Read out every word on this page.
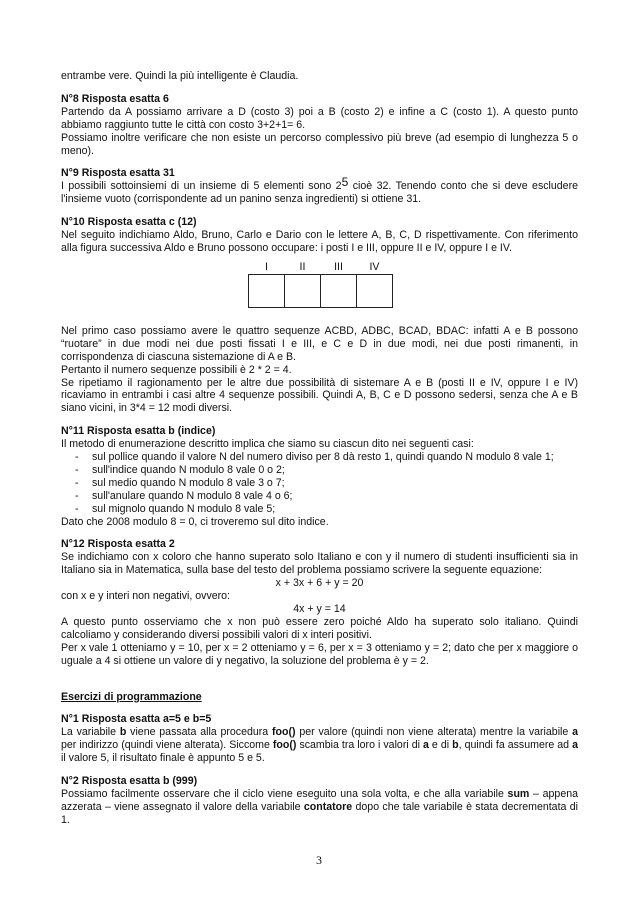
entrambe vere. Quindi la più intelligente è Claudia.

N°8 Risposta esatta 6

Partendo da A possiamo arrivare a D (costo 3) poi a B (costo 2) e infine a C (costo 1). A questo punto abbiamo raggiunto tutte le città con costo 3+2+1= 6.

Possiamo inoltre verificare che non esiste un percorso complessivo più breve (ad esempio di lunghezza 5 o meno).

N°9 Risposta esatta 31

I possibili sottoinsiemi di un insieme di 5 elementi sono $2^5$ cioè 32. Tenendo conto che si deve escludere l'insieme vuoto (corrispondente ad un panino senza ingredienti) si ottiene 31.

N°10 Risposta esatta c (12)

Nel seguito indichiamo Aldo, Bruno, Carlo e Dario con le lettere A, B, C, D rispettivamente. Con riferimento alla figura successiva Aldo e Bruno possono occupare: i posti I e III, oppure II e IV, oppure I e IV.

I	II	III	IV

Nel primo caso possiamo avere le quattro sequenze ACBD, ADBC, BCAD, BDAC: infatti A e B possono “ruotare” in due modi nei due posti fissati I e III, e C e D in due modi, nei due posti rimanenti, in corrispondenza di ciascuna sistemazione di A e B.

Pertanto il numero sequenze possibili è 2 * 2 = 4.

Se ripetiamo il ragionamento per le altre due possibilità di sistemare A e B (posti II e IV, oppure I e IV) ricaviamo in entrambi i casi altre 4 sequenze possibili. Quindi A, B, C e D possono sedersi, senza che A e B siano vicini, in 3*4 = 12 modi diversi.

N°11 Risposta esatta b (indice)

Il metodo di enumerazione descritto implica che siamo su ciascun dito nei seguenti casi:

- sul pollice quando il valore N del numero diviso per 8 dà resto 1, quindi quando N modulo 8 vale 1;
- sull'indice quando N modulo 8 vale 0 o 2;
- sul medio quando N modulo 8 vale 3 o 7;
- sull'anulare quando N modulo 8 vale 4 o 6;
- sul mignolo quando N modulo 8 vale 5;

Dato che 2008 modulo 8 = 0, ci troveremo sul dito indice.

N°12 Risposta esatta 2

Se indichiamo con x coloro che hanno superato solo Italiano e con y il numero di studenti insufficienti sia in Italiano sia in Matematica, sulla base del testo del problema possiamo scrivere la seguente equazione:

x + 3x + 6 + y = 20

con x e y interi non negativi, ovvero:

4x + y = 14

A questo punto osserviamo che x non può essere zero poiché Aldo ha superato solo italiano. Quindi calcoliamo y considerando diversi possibili valori di x interi positivi.

Per x vale 1 otteniamo y = 10, per x = 2 otteniamo y = 6, per x = 3 otteniamo y = 2; dato che per x maggiore o uguale a 4 si ottiene un valore di y negativo, la soluzione del problema è y = 2.

Esercizi di programmazione

N°1 Risposta esatta a=5 e b=5

La variabile b viene passata alla procedura foo() per valore (quindi non viene alterata) mentre la variabile a per indirizzo (quindi viene alterata). Siccome foo() scambia tra loro i valori di a e di b, quindi fa assumere ad a il valore 5, il risultato finale è appunto 5 e 5.

N°2 Risposta esatta b (999)

Possiamo facilmente osservare che il ciclo viene eseguito una sola volta, e che alla variabile sum – appena azzerata – viene assegnato il valore della variabile contatore dopo che tale variabile è stata decrementata di 1.

3
